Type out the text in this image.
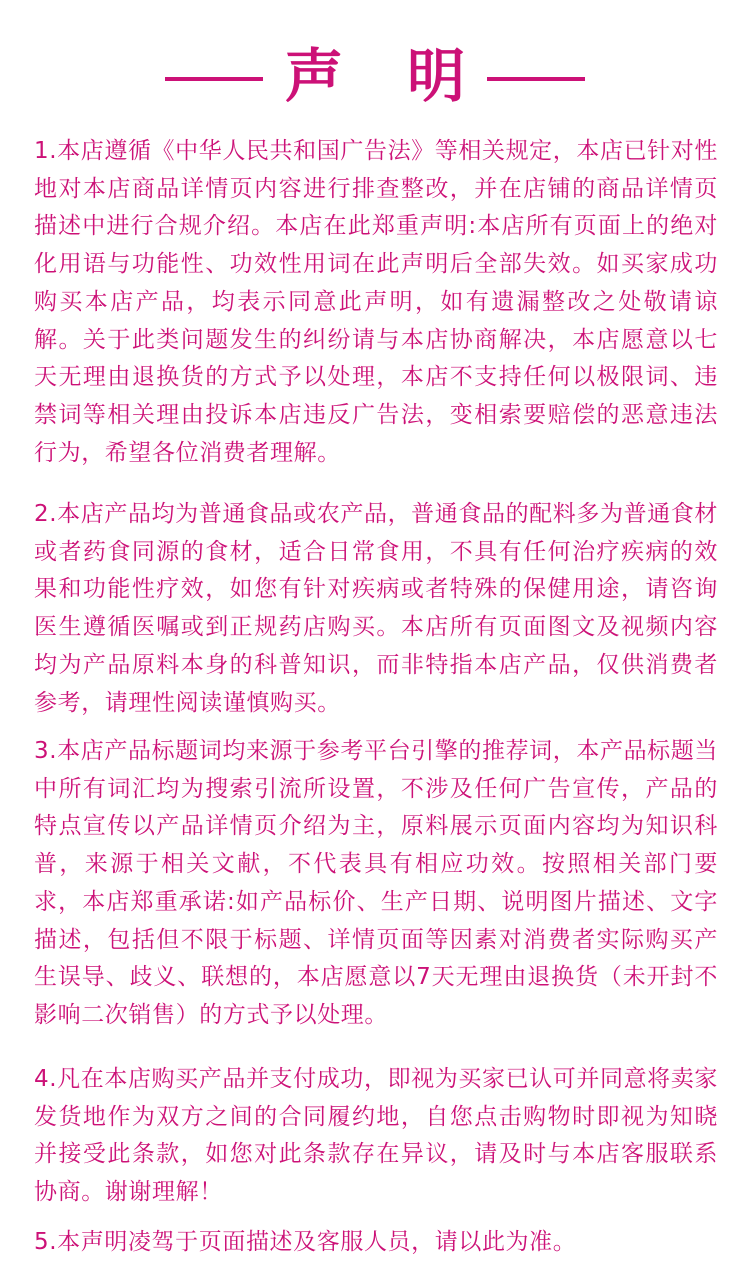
声 明

1.本店遵循《中华人民共和国广告法》等相关规定，本店已针对性地对本店商品详情页内容进行排查整改，并在店铺的商品详情页描述中进行合规介绍。本店在此郑重声明:本店所有页面上的绝对化用语与功能性、功效性用词在此声明后全部失效。如买家成功购买本店产品，均表示同意此声明，如有遗漏整改之处敬请谅解。关于此类问题发生的纠纷请与本店协商解决，本店愿意以七天无理由退换货的方式予以处理，本店不支持任何以极限词、违禁词等相关理由投诉本店违反广告法，变相索要赔偿的恶意违法行为，希望各位消费者理解。

2.本店产品均为普通食品或农产品，普通食品的配料多为普通食材或者药食同源的食材，适合日常食用，不具有任何治疗疾病的效果和功能性疗效，如您有针对疾病或者特殊的保健用途，请咨询医生遵循医嘱或到正规药店购买。本店所有页面图文及视频内容均为产品原料本身的科普知识，而非特指本店产品，仅供消费者参考，请理性阅读谨慎购买。

3.本店产品标题词均来源于参考平台引擎的推荐词，本产品标题当中所有词汇均为搜索引流所设置，不涉及任何广告宣传，产品的特点宣传以产品详情页介绍为主，原料展示页面内容均为知识科普，来源于相关文献，不代表具有相应功效。按照相关部门要求，本店郑重承诺:如产品标价、生产日期、说明图片描述、文字描述，包括但不限于标题、详情页面等因素对消费者实际购买产生误导、歧义、联想的，本店愿意以7天无理由退换货（未开封不影响二次销售）的方式予以处理。

4.凡在本店购买产品并支付成功，即视为买家已认可并同意将卖家发货地作为双方之间的合同履约地，自您点击购物时即视为知晓并接受此条款，如您对此条款存在异议，请及时与本店客服联系协商。谢谢理解！

5.本声明凌驾于页面描述及客服人员，请以此为准。
